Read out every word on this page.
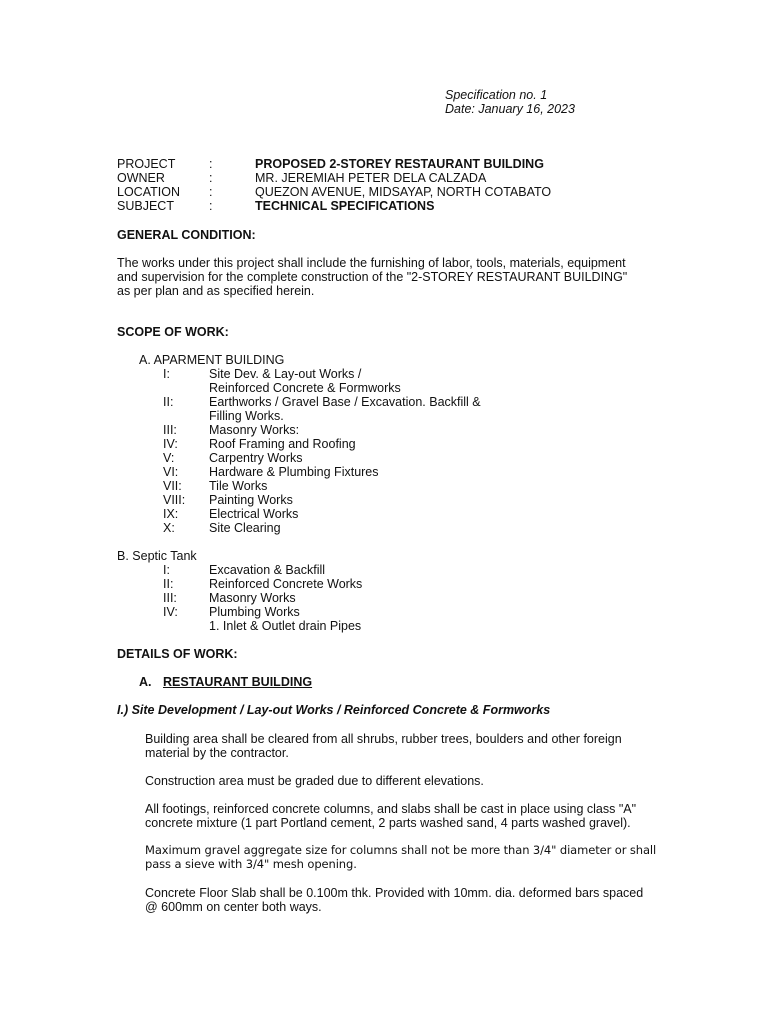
Specification no. 1
Date: January 16, 2023
PROJECT	:	PROPOSED 2-STOREY RESTAURANT BUILDING
OWNER	:	MR. JEREMIAH PETER DELA CALZADA
LOCATION :	QUEZON AVENUE, MIDSAYAP, NORTH COTABATO
SUBJECT	:	TECHNICAL SPECIFICATIONS
GENERAL CONDITION:
The works under this project shall include the furnishing of labor, tools, materials, equipment
and supervision for the complete construction of the "2-STOREY RESTAURANT BUILDING"
as per plan and as specified herein.
SCOPE OF WORK:
A. APARMENT BUILDING
I:	Site Dev. & Lay-out Works /
Reinforced Concrete & Formworks
II:	Earthworks / Gravel Base / Excavation. Backfill &
Filling Works.
III:	Masonry Works:
IV: Roof Framing and Roofing
V:	Carpentry Works
VI: Hardware & Plumbing Fixtures
VII: Tile Works
VIII: Painting Works
IX: Electrical Works
X:	Site Clearing
B. Septic Tank
I:	Excavation & Backfill
II:	Reinforced Concrete Works
III:	Masonry Works
IV: Plumbing Works
1. Inlet & Outlet drain Pipes
DETAILS OF WORK:
A. RESTAURANT BUILDING
I.) Site Development / Lay-out Works / Reinforced Concrete & Formworks
Building area shall be cleared from all shrubs, rubber trees, boulders and other foreign
material by the contractor.
Construction area must be graded due to different elevations.
All footings, reinforced concrete columns, and slabs shall be cast in place using class "A"
concrete mixture (1 part Portland cement, 2 parts washed sand, 4 parts washed gravel).
Maximum gravel aggregate size for columns shall not be more than 3/4" diameter or shall
pass a sieve with 3/4" mesh opening.
Concrete Floor Slab shall be 0.100m thk. Provided with 10mm. dia. deformed bars spaced
@ 600mm on center both ways.
